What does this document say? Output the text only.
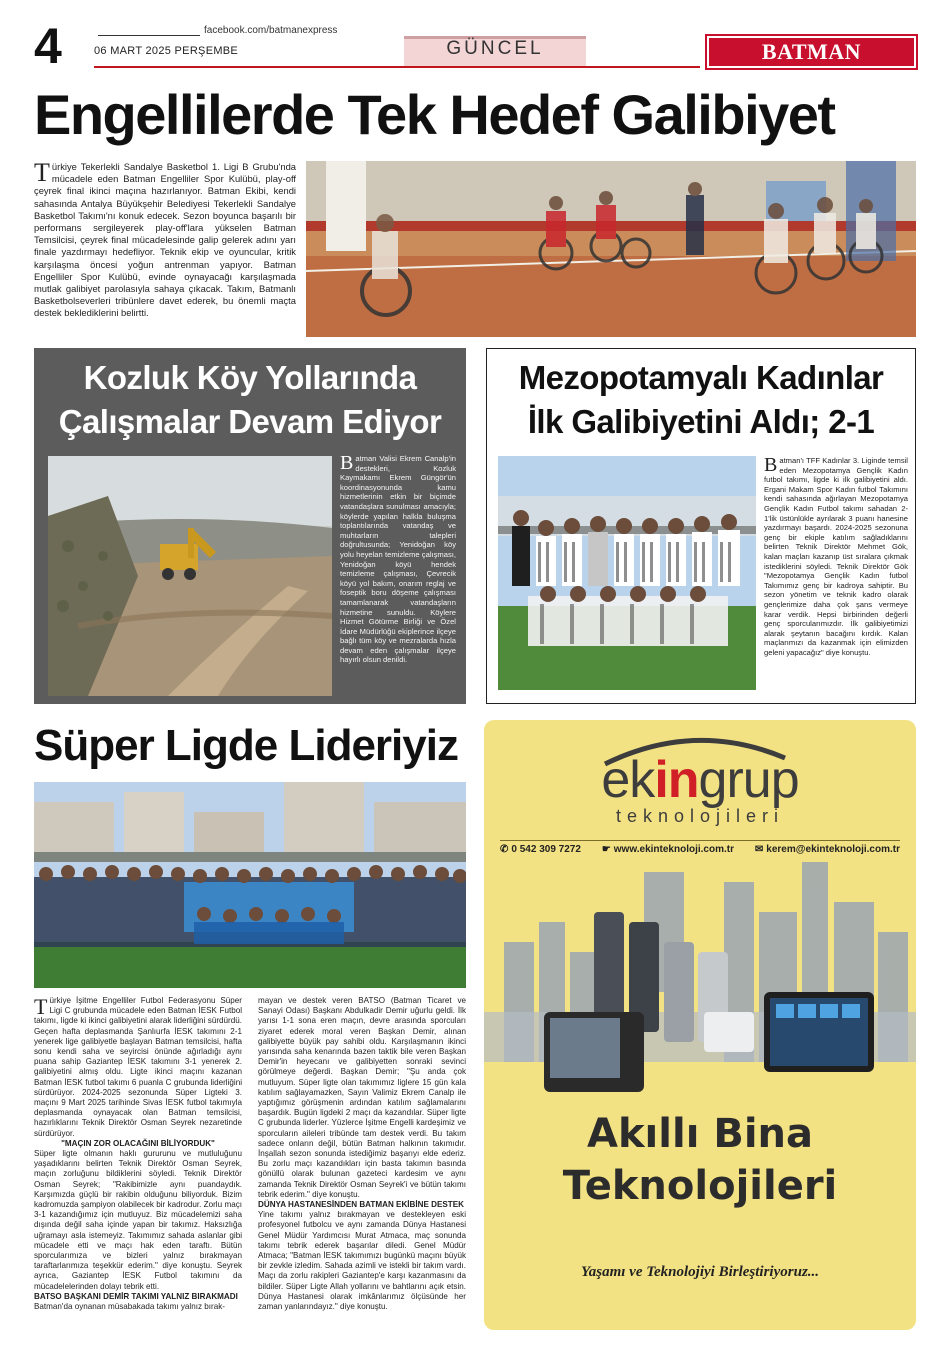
4	facebook.com/batmanexpress
06 MART 2025 PERŞEMBE	GÜNCEL	BATMAN EXPRESS
Engellilerde Tek Hedef Galibiyet
Türkiye Tekerlekli Sandalye Basketbol 1. Ligi B Grubu'nda mücadele eden Batman Engelliler Spor Kulübü, play-off çeyrek final ikinci maçına hazırlanıyor. Batman Ekibi, kendi sahasında Antalya Büyükşehir Belediyesi Tekerlekli Sandalye Basketbol Takımı'nı konuk edecek. Sezon boyunca başarılı bir performans sergileyerek play-off'lara yükselen Batman Temsilcisi, çeyrek final mücadelesinde galip gelerek adını yarı finale yazdırmayı hedefliyor. Teknik ekip ve oyuncular, kritik karşılaşma öncesi yoğun antrenman yapıyor. Batman Engelliler Spor Kulübü, evinde oynayacağı karşılaşmada mutlak galibiyet parolasıyla sahaya çıkacak. Takım, Batmanlı Basketbolseverleri tribünlere davet ederek, bu önemli maçta destek beklediklerini belirtti.
Kozluk Köy Yollarında
Çalışmalar Devam Ediyor
Batman Valisi Ekrem Canalp'in destekleri, Kozluk Kaymakamı Ekrem Güngör'ün koordinasyonunda kamu hizmetlerinin etkin bir biçimde vatandaşlara sunulması amacıyla; köylerde yapılan halkla buluşma toplantılarında vatandaş ve muhtarların talepleri doğrultusunda; Yenidoğan köy yolu heyelan temizleme çalışması, Yenidoğan köyü hendek temizleme çalışması, Çevrecik köyü yol bakım, onarım reglaj ve foseptik boru döşeme çalışması tamamlanarak vatandaşların hizmetine sunuldu. Köylere Hizmet Götürme Birliği ve Özel İdare Müdürlüğü ekiplerince ilçeye bağlı tüm köy ve mezralarda hızla devam eden çalışmalar ilçeye hayırlı olsun denildi.
Mezopotamyalı Kadınlar
İlk Galibiyetini Aldı; 2-1
Batman'ı TFF Kadınlar 3. Liginde temsil eden Mezopotamya Gençlik Kadın futbol takımı, ligde ki ilk galibiyetini aldı. Ergani Makam Spor Kadın futbol Takımını kendi sahasında ağırlayan Mezopotamya Gençlik Kadın Futbol takımı sahadan 2-1'lik üstünlükle ayrılarak 3 puanı hanesine yazdırmayı başardı. 2024-2025 sezonuna genç bir ekiple katılım sağladıklarını belirten Teknik Direktör Mehmet Gök, kalan maçları kazanıp üst sıralara çıkmak istediklerini söyledi. Teknik Direktör Gök "Mezopotamya Gençlik Kadın futbol Takımımız genç bir kadroya sahiptir. Bu sezon yönetim ve teknik kadro olarak gençlerimize daha çok şans vermeye karar verdik. Hepsi birbirinden değerli genç sporcularımızdır. İlk galibiyetimizi alarak şeytanın bacağını kırdık. Kalan maçlarımızı da kazanmak için elimizden geleni yapacağız" diye konuştu.
Süper Ligde Lideriyiz
Türkiye İşitme Engelliler Futbol Federasyonu Süper Ligi C grubunda mücadele eden Batman İESK Futbol takımı, ligde ki ikinci galibiyetini alarak liderliğini sürdürdü. Geçen hafta deplasmanda Şanlıurfa İESK takımını 2-1 yenerek lige galibiyetle başlayan Batman temsilcisi, hafta sonu kendi saha ve seyircisi önünde ağırladığı aynı puana sahip Gaziantep İESK takımını 3-1 yenerek 2. galibiyetini almış oldu. Ligte ikinci maçını kazanan Batman İESK futbol takımı 6 puanla C grubunda liderliğini sürdürüyor. 2024-2025 sezonunda Süper Ligteki 3. maçını 9 Mart 2025 tarihinde Sivas İESK futbol takımıyla deplasmanda oynayacak olan Batman temsilcisi, hazırlıklarını Teknik Direktör Osman Seyrek nezaretinde sürdürüyor.
"MAÇIN ZOR OLACAĞINI BİLİYORDUK"
Süper ligte olmanın haklı gururunu ve mutluluğunu yaşadıklarını belirten Teknik Direktör Osman Seyrek, maçın zorluğunu bildiklerini söyledi. Teknik Direktör Osman Seyrek; "Rakibimizle aynı puandaydık. Karşımızda güçlü bir rakibin olduğunu biliyorduk. Bizim kadromuzda şampiyon olabilecek bir kadrodur. Zorlu maçı 3-1 kazandığımız için mutluyuz. Biz mücadelemizi saha dışında değil saha içinde yapan bir takımız. Haksızlığa uğramayı asla istemeyiz. Takımımız sahada aslanlar gibi mücadele etti ve maçı hak eden taraftı. Bütün sporcularımıza ve bizleri yalnız bırakmayan taraftarlarımıza teşekkür ederim." diye konuştu. Seyrek ayrıca, Gaziantep İESK Futbol takımını da mücadelelerinden dolayı tebrik etti.
BATSO BAŞKANI DEMİR TAKIMI YALNIZ BIRAKMADI
Batman'da oynanan müsabakada takımı yalnız bırak-
mayan ve destek veren BATSO (Batman Ticaret ve Sanayi Odası) Başkanı Abdulkadir Demir uğurlu geldi. İlk yarısı 1-1 sona eren maçın, devre arasında sporcuları ziyaret ederek moral veren Başkan Demir, alınan galibiyette büyük pay sahibi oldu. Karşılaşmanın ikinci yarısında saha kenarında bazen taktik bile veren Başkan Demir'in heyecanı ve galibiyetten sonraki sevinci görülmeye değerdi. Başkan Demir; "Şu anda çok mutluyum. Süper ligte olan takımımız liglere 15 gün kala katılım sağlayamazken, Sayın Valimiz Ekrem Canalp ile yaptığımız görüşmenin ardından katılım sağlamalarını başardık. Bugün ligdeki 2 maçı da kazandılar. Süper ligte C grubunda liderler. Yüzlerce İşitme Engelli kardeşimiz ve sporcuların aileleri tribünde tam destek verdi. Bu takım sadece onların değil, bütün Batman halkının takımıdır. İnşallah sezon sonunda istediğimiz başarıyı elde ederiz. Bu zorlu maçı kazandıkları için basta takımın basında gönüllü olarak bulunan gazeteci kardesim ve aynı zamanda Teknik Direktör Osman Seyrek'i ve bütün takımı tebrik ederim." diye konuştu.
DÜNYA HASTANESİNDEN BATMAN EKİBİNE DESTEK
Yine takımı yalnız bırakmayan ve destekleyen eski profesyonel futbolcu ve aynı zamanda Dünya Hastanesi Genel Müdür Yardımcısı Murat Atmaca, maç sonunda takımı tebrik ederek başarılar diledi. Genel Müdür Atmaca; "Batman İESK takımımızı bugünkü maçını büyük bir zevkle izledim. Sahada azimli ve istekli bir takım vardı. Maçı da zorlu rakipleri Gaziantep'e karşı kazanmasını da bildiler. Süper Ligte Allah yollarını ve bahtlarını açık etsin. Dünya Hastanesi olarak imkânlarımız ölçüsünde her zaman yanlarındayız." diye konuştu.
ekingrup
teknolojileri
✆ 0 542 309 7272 ☛ www.ekinteknoloji.com.tr ✉ kerem@ekinteknoloji.com.tr
Akıllı Bina
Teknolojileri
Yaşamı ve Teknolojiyi Birleştiriyoruz...
